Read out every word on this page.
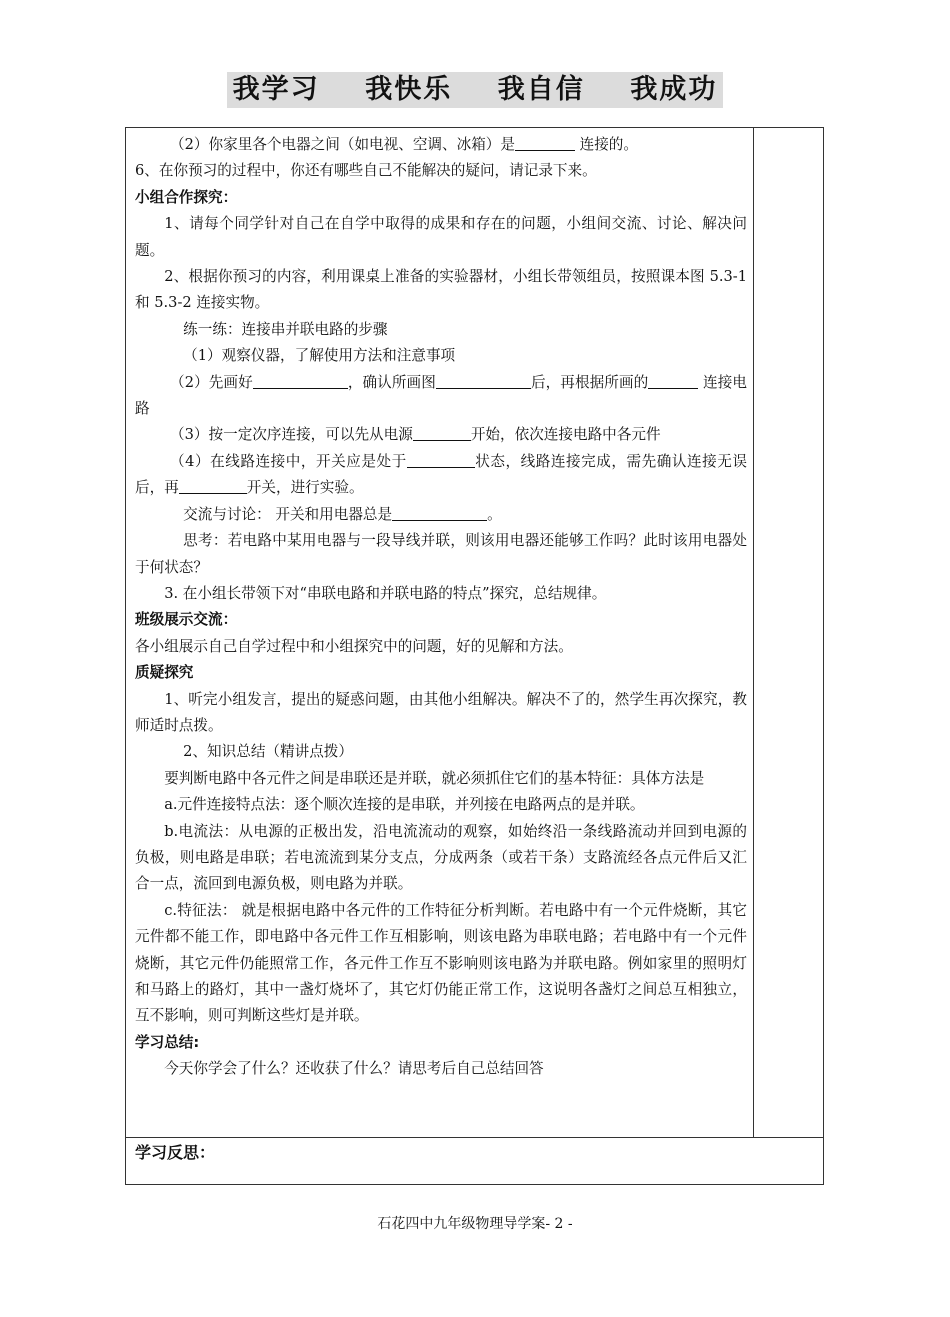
我学习    我快乐    我自信    我成功

（2）你家里各个电器之间（如电视、空调、冰箱）是	连接的。

6、在你预习的过程中，你还有哪些自己不能解决的疑问，请记录下来。

小组合作探究：

1、请每个同学针对自己在自学中取得的成果和存在的问题，小组间交流、讨论、解决问题。

2、根据你预习的内容，利用课桌上准备的实验器材，小组长带领组员，按照课本图 5.3-1 和 5.3-2 连接实物。

练一练：连接串并联电路的步骤

（1）观察仪器，了解使用方法和注意事项

（2）先画好	，确认所画图	后，再根据所画的	连接电路

（3）按一定次序连接，可以先从电源	开始，依次连接电路中各元件

（4）在线路连接中，开关应是处于	状态，线路连接完成，需先确认连接无误后，再	开关，进行实验。

交流与讨论： 开关和用电器总是	。

思考：若电路中某用电器与一段导线并联，则该用电器还能够工作吗？此时该用电器处于何状态？

3. 在小组长带领下对“串联电路和并联电路的特点”探究，总结规律。

班级展示交流：

各小组展示自己自学过程中和小组探究中的问题，好的见解和方法。

质疑探究

1、听完小组发言，提出的疑惑问题，由其他小组解决。解决不了的，然学生再次探究，教师适时点拨。

2、知识总结（精讲点拨）

要判断电路中各元件之间是串联还是并联，就必须抓住它们的基本特征：具体方法是

a.元件连接特点法：逐个顺次连接的是串联，并列接在电路两点的是并联。

b.电流法：从电源的正极出发，沿电流流动的观察，如始终沿一条线路流动并回到电源的负极，则电路是串联；若电流流到某分支点，分成两条（或若干条）支路流经各点元件后又汇合一点，流回到电源负极，则电路为并联。

c.特征法： 就是根据电路中各元件的工作特征分析判断。若电路中有一个元件烧断，其它元件都不能工作，即电路中各元件工作互相影响，则该电路为串联电路；若电路中有一个元件烧断，其它元件仍能照常工作，各元件工作互不影响则该电路为并联电路。例如家里的照明灯和马路上的路灯，其中一盏灯烧坏了，其它灯仍能正常工作，这说明各盏灯之间总互相独立，互不影响，则可判断这些灯是并联。

学习总结:

今天你学会了什么？还收获了什么？请思考后自己总结回答

学习反思：
石花四中九年级物理导学案- 2 -
